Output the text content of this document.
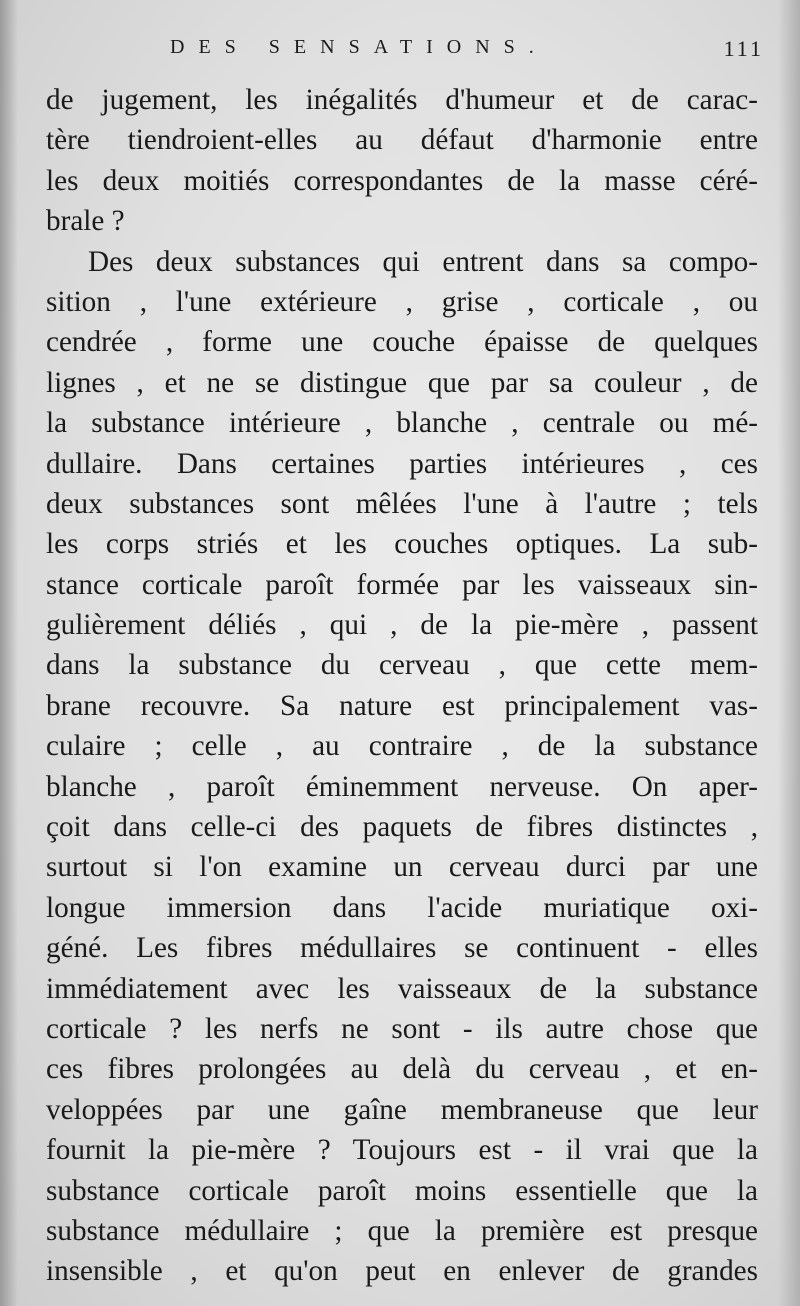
DES SENSATIONS.	111
de jugement, les inégalités d'humeur et de carac-
tère tiendroient-elles au défaut d'harmonie entre
les deux moitiés correspondantes de la masse céré-
brale ?
Des deux substances qui entrent dans sa compo-
sition , l'une extérieure , grise , corticale , ou
cendrée , forme une couche épaisse de quelques
lignes , et ne se distingue que par sa couleur , de
la substance intérieure , blanche , centrale ou mé-
dullaire. Dans certaines parties intérieures , ces
deux substances sont mêlées l'une à l'autre ; tels
les corps striés et les couches optiques. La sub-
stance corticale paroît formée par les vaisseaux sin-
gulièrement déliés , qui , de la pie-mère , passent
dans la substance du cerveau , que cette mem-
brane recouvre. Sa nature est principalement vas-
culaire ; celle , au contraire , de la substance
blanche , paroît éminemment nerveuse. On aper-
çoit dans celle-ci des paquets de fibres distinctes ,
surtout si l'on examine un cerveau durci par une
longue immersion dans l'acide muriatique oxi-
géné. Les fibres médullaires se continuent - elles
immédiatement avec les vaisseaux de la substance
corticale ? les nerfs ne sont - ils autre chose que
ces fibres prolongées au delà du cerveau , et en-
veloppées par une gaîne membraneuse que leur
fournit la pie-mère ? Toujours est - il vrai que la
substance corticale paroît moins essentielle que la
substance médullaire ; que la première est presque
insensible , et qu'on peut en enlever de grandes
